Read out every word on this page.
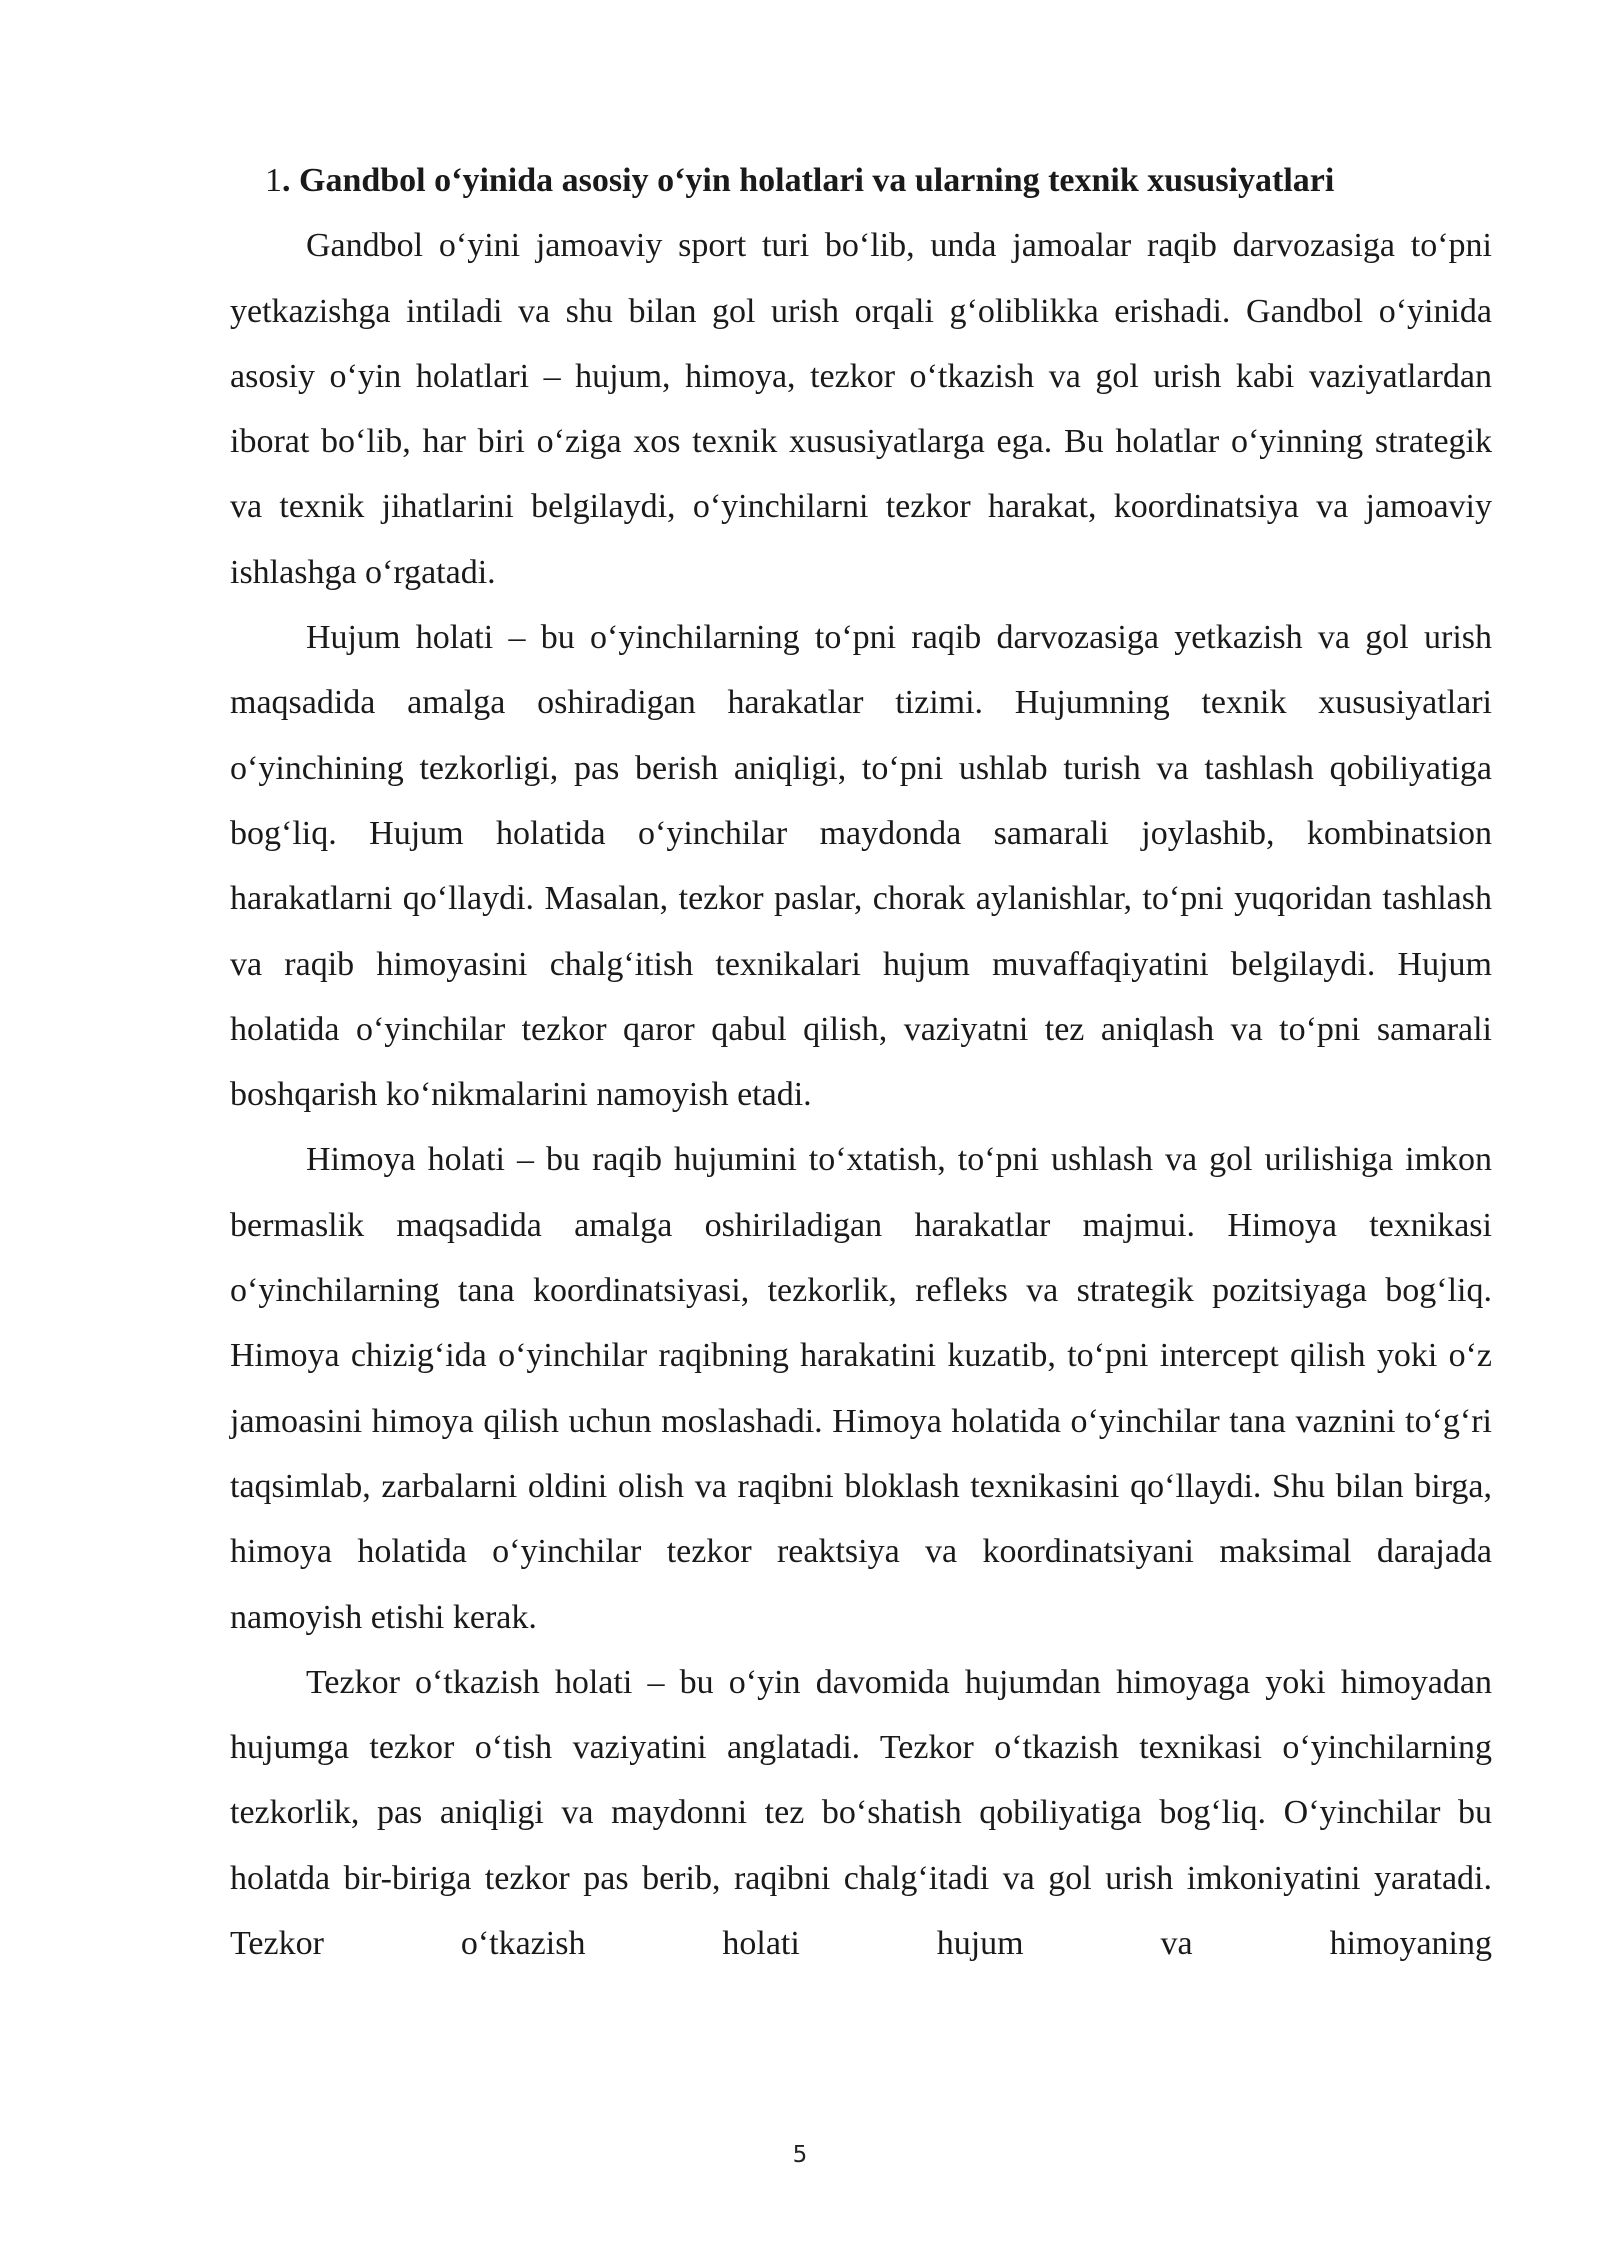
1. Gandbol oʻyinida asosiy oʻyin holatlari va ularning texnik xususiyatlari

Gandbol oʻyini jamoaviy sport turi boʻlib, unda jamoalar raqib darvozasiga toʻpni yetkazishga intiladi va shu bilan gol urish orqali gʻoliblikka erishadi. Gandbol oʻyinida asosiy oʻyin holatlari – hujum, himoya, tezkor oʻtkazish va gol urish kabi vaziyatlardan iborat boʻlib, har biri oʻziga xos texnik xususiyatlarga ega. Bu holatlar oʻyinning strategik va texnik jihatlarini belgilaydi, oʻyinchilarni tezkor harakat, koordinatsiya va jamoaviy ishlashga oʻrgatadi.

Hujum holati – bu oʻyinchilarning toʻpni raqib darvozasiga yetkazish va gol urish maqsadida amalga oshiradigan harakatlar tizimi. Hujumning texnik xususiyatlari oʻyinchining tezkorligi, pas berish aniqligi, toʻpni ushlab turish va tashlash qobiliyatiga bogʻliq. Hujum holatida oʻyinchilar maydonda samarali joylashib, kombinatsion harakatlarni qoʻllaydi. Masalan, tezkor paslar, chorak aylanishlar, toʻpni yuqoridan tashlash va raqib himoyasini chalgʻitish texnikalari hujum muvaffaqiyatini belgilaydi. Hujum holatida oʻyinchilar tezkor qaror qabul qilish, vaziyatni tez aniqlash va toʻpni samarali boshqarish koʻnikmalarini namoyish etadi.

Himoya holati – bu raqib hujumini toʻxtatish, toʻpni ushlash va gol urilishiga imkon bermaslik maqsadida amalga oshiriladigan harakatlar majmui. Himoya texnikasi oʻyinchilarning tana koordinatsiyasi, tezkorlik, refleks va strategik pozitsiyaga bogʻliq. Himoya chizigʻida oʻyinchilar raqibning harakatini kuzatib, toʻpni intercept qilish yoki oʻz jamoasini himoya qilish uchun moslashadi. Himoya holatida oʻyinchilar tana vaznini toʻgʻri taqsimlab, zarbalarni oldini olish va raqibni bloklash texnikasini qoʻllaydi. Shu bilan birga, himoya holatida oʻyinchilar tezkor reaktsiya va koordinatsiyani maksimal darajada namoyish etishi kerak.

Tezkor oʻtkazish holati – bu oʻyin davomida hujumdan himoyaga yoki himoyadan hujumga tezkor oʻtish vaziyatini anglatadi. Tezkor oʻtkazish texnikasi oʻyinchilarning tezkorlik, pas aniqligi va maydonni tez boʻshatish qobiliyatiga bogʻliq. Oʻyinchilar bu holatda bir-biriga tezkor pas berib, raqibni chalgʻitadi va gol urish imkoniyatini yaratadi. Tezkor oʻtkazish holati hujum va himoyaning

5
